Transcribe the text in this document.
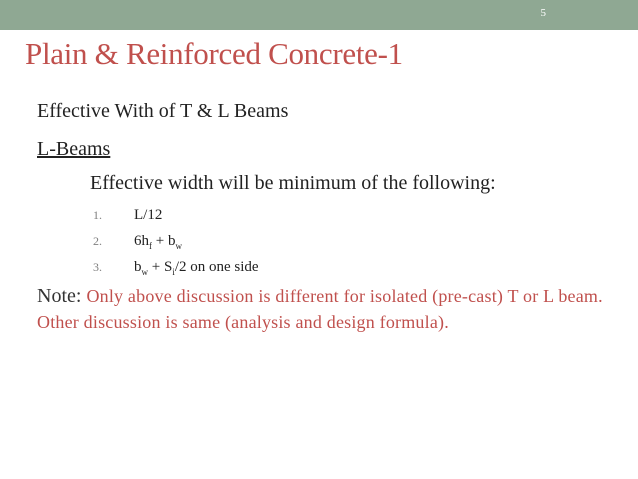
5
Plain & Reinforced Concrete-1
Effective With of T & L Beams
L-Beams
Effective width will be minimum of the following:
1.	L/12
2.	$6h_f + b_w$
3.	$b_w + S_i/2$ on one side
Note: Only above discussion is different for isolated (pre-cast) T or L beam. Other discussion is same (analysis and design formula).
